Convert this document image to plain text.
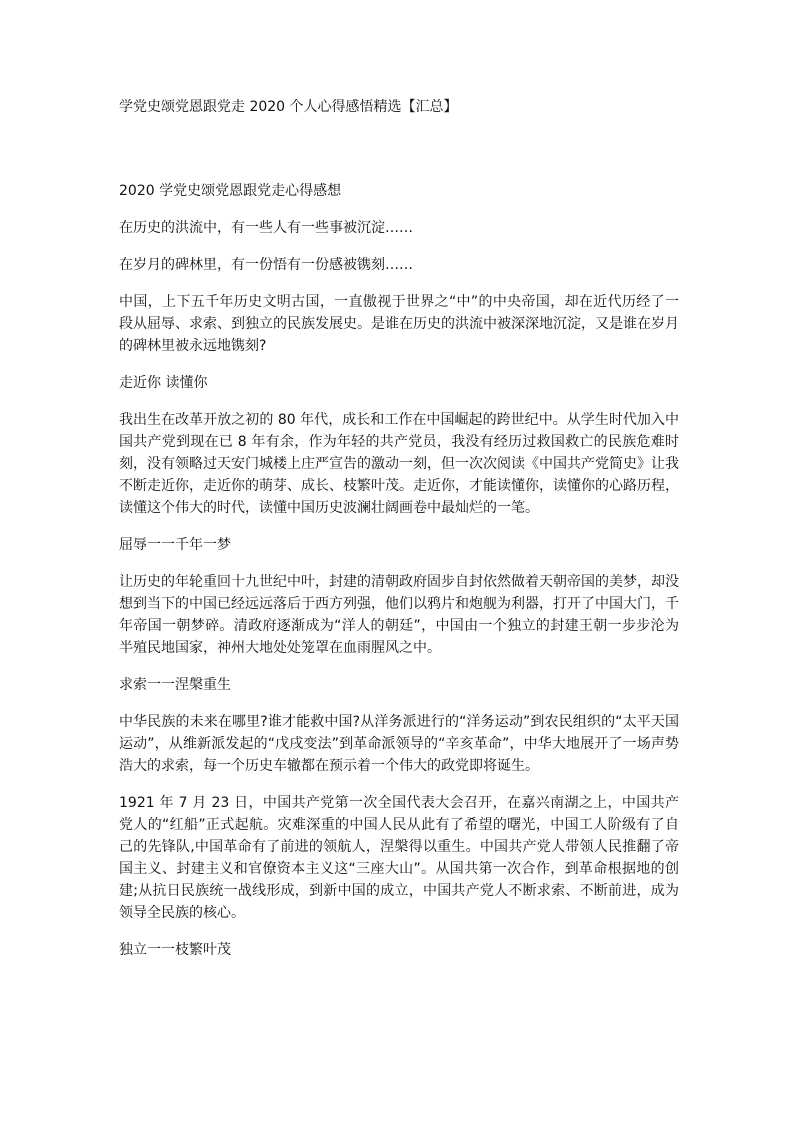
学党史颂党恩跟党走 2020 个人心得感悟精选【汇总】
2020 学党史颂党恩跟党走心得感想

在历史的洪流中，有一些人有一些事被沉淀……

在岁月的碑林里，有一份悟有一份感被镌刻……

中国，上下五千年历史文明古国，一直傲视于世界之“中”的中央帝国，却在近代历经了一段从屈辱、求索、到独立的民族发展史。是谁在历史的洪流中被深深地沉淀，又是谁在岁月的碑林里被永远地镌刻?

走近你 读懂你

我出生在改革开放之初的 80 年代，成长和工作在中国崛起的跨世纪中。从学生时代加入中国共产党到现在已 8 年有余，作为年轻的共产党员，我没有经历过救国救亡的民族危难时刻，没有领略过天安门城楼上庄严宣告的激动一刻，但一次次阅读《中国共产党简史》让我不断走近你，走近你的萌芽、成长、枝繁叶茂。走近你，才能读懂你，读懂你的心路历程，读懂这个伟大的时代，读懂中国历史波澜壮阔画卷中最灿烂的一笔。

屈辱一一千年一梦

让历史的年轮重回十九世纪中叶，封建的清朝政府固步自封依然做着天朝帝国的美梦，却没想到当下的中国已经远远落后于西方列强，他们以鸦片和炮舰为利器，打开了中国大门，千年帝国一朝梦碎。清政府逐渐成为“洋人的朝廷”，中国由一个独立的封建王朝一步步沦为半殖民地国家，神州大地处处笼罩在血雨腥风之中。

求索一一涅槃重生

中华民族的未来在哪里?谁才能救中国?从洋务派进行的“洋务运动”到农民组织的“太平天国运动”，从维新派发起的“戊戌变法”到革命派领导的“辛亥革命”，中华大地展开了一场声势浩大的求索，每一个历史车辙都在预示着一个伟大的政党即将诞生。

1921 年 7 月 23 日，中国共产党第一次全国代表大会召开，在嘉兴南湖之上，中国共产党人的“红船”正式起航。灾难深重的中国人民从此有了希望的曙光，中国工人阶级有了自己的先锋队,中国革命有了前进的领航人，涅槃得以重生。中国共产党人带领人民推翻了帝国主义、封建主义和官僚资本主义这“三座大山”。从国共第一次合作，到革命根据地的创建;从抗日民族统一战线形成，到新中国的成立，中国共产党人不断求索、不断前进，成为领导全民族的核心。

独立一一枝繁叶茂
